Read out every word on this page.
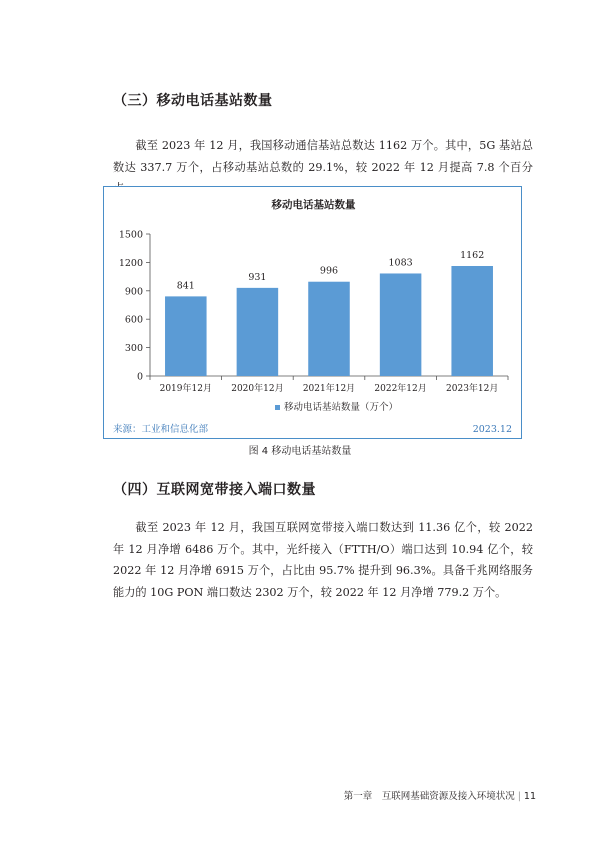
（三）移动电话基站数量

截至 2023 年 12 月，我国移动通信基站总数达 1162 万个。其中，5G 基站总数达 337.7 万个，占移动基站总数的 29.1%，较 2022 年 12 月提高 7.8 个百分

移动电话基站数量
0
300
600
900
1200
1500
841
2019年12月
931
2020年12月
996
2021年12月
1083
2022年12月
1162
2023年12月
移动电话基站数量（万个）
来源：工业和信息化部	2023.12
图 4 移动电话基站数量
（四）互联网宽带接入端口数量

截至 2023 年 12 月，我国互联网宽带接入端口数达到 11.36 亿个，较 2022 年 12 月净增 6486 万个。其中，光纤接入（FTTH/O）端口达到 10.94 亿个，较 2022 年 12 月净增 6915 万个，占比由 95.7% 提升到 96.3%。具备千兆网络服务能力的 10G PON 端口数达 2302 万个，较 2022 年 12 月净增 779.2 万个。

第一章　互联网基础资源及接入环境状况 | 11
